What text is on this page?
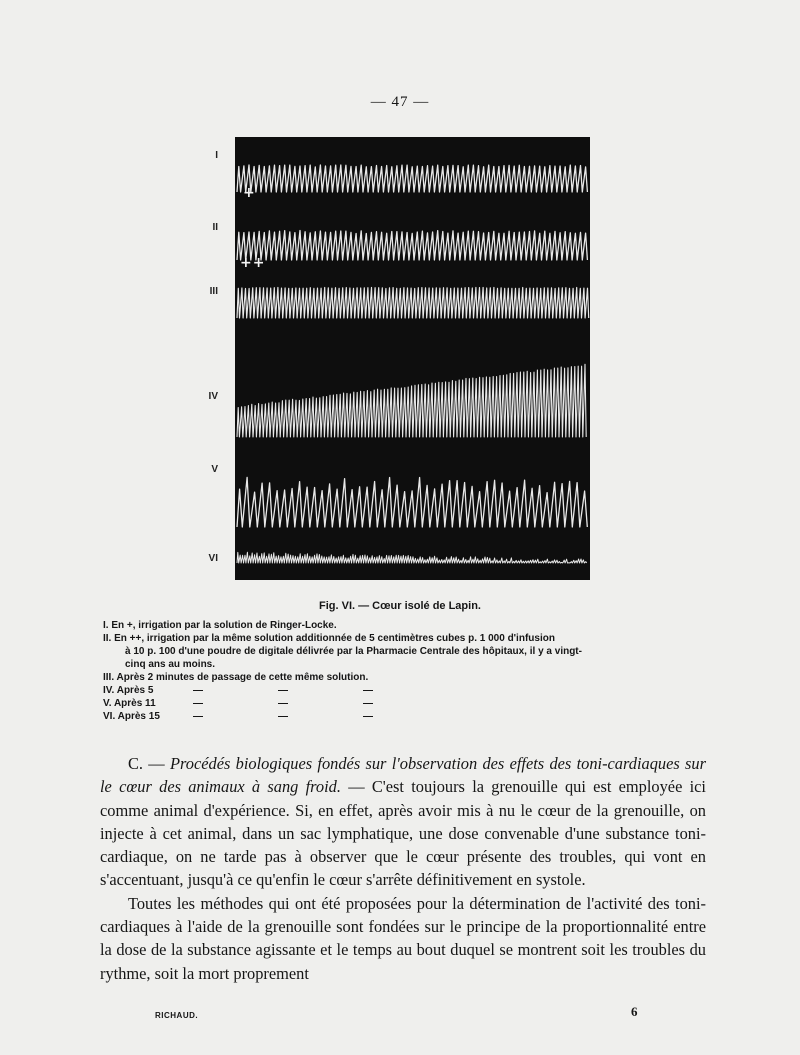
— 47 —
I
II
III
IV
V
VI
+
++
Fig. VI. — Cœur isolé de Lapin.
I. En +, irrigation par la solution de Ringer-Locke.
II. En ++, irrigation par la même solution additionnée de 5 centimètres cubes p. 1 000 d'infusion
à 10 p. 100 d'une poudre de digitale délivrée par la Pharmacie Centrale des hôpitaux, il y a vingt-
cinq ans au moins.
III. Après 2 minutes de passage de cette même solution.
IV. Après 5	—	—	—
V. Après 11	—	—	—
VI. Après 15	—	—	—

C. — Procédés biologiques fondés sur l'observation des effets des toni-cardiaques sur le cœur des animaux à sang froid. — C'est toujours la grenouille qui est employée ici comme animal d'expérience. Si, en effet, après avoir mis à nu le cœur de la grenouille, on injecte à cet animal, dans un sac lymphatique, une dose convenable d'une substance toni-cardiaque, on ne tarde pas à observer que le cœur présente des troubles, qui vont en s'accentuant, jusqu'à ce qu'enfin le cœur s'arrête définitivement en systole.

Toutes les méthodes qui ont été proposées pour la détermination de l'activité des toni-cardiaques à l'aide de la grenouille sont fondées sur le principe de la proportionnalité entre la dose de la substance agissante et le temps au bout duquel se montrent soit les troubles du rythme, soit la mort proprement

RICHAUD.	6
